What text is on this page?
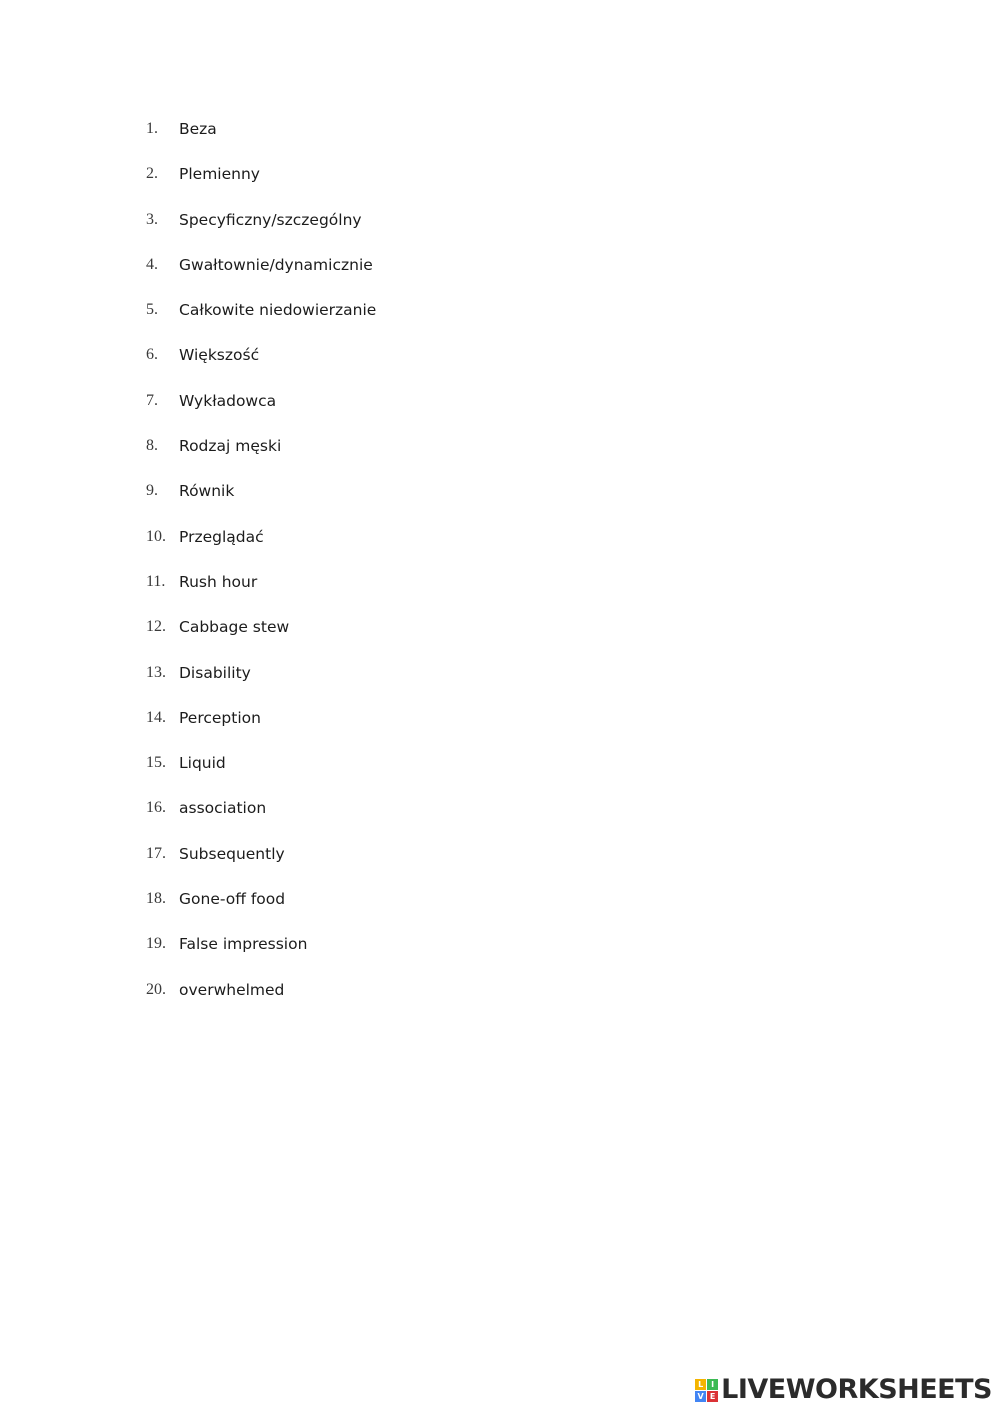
1.	Beza
2.	Plemienny
3.	Specyficzny/szczególny
4.	Gwałtownie/dynamicznie
5.	Całkowite niedowierzanie
6.	Większość
7.	Wykładowca
8.	Rodzaj męski
9.	Równik
10. Przeglądać
11. Rush hour
12. Cabbage stew
13. Disability
14. Perception
15. Liquid
16. association
17. Subsequently
18. Gone-off food
19. False impression
20. overwhelmed
L I
V E LIVEWORKSHEETS
